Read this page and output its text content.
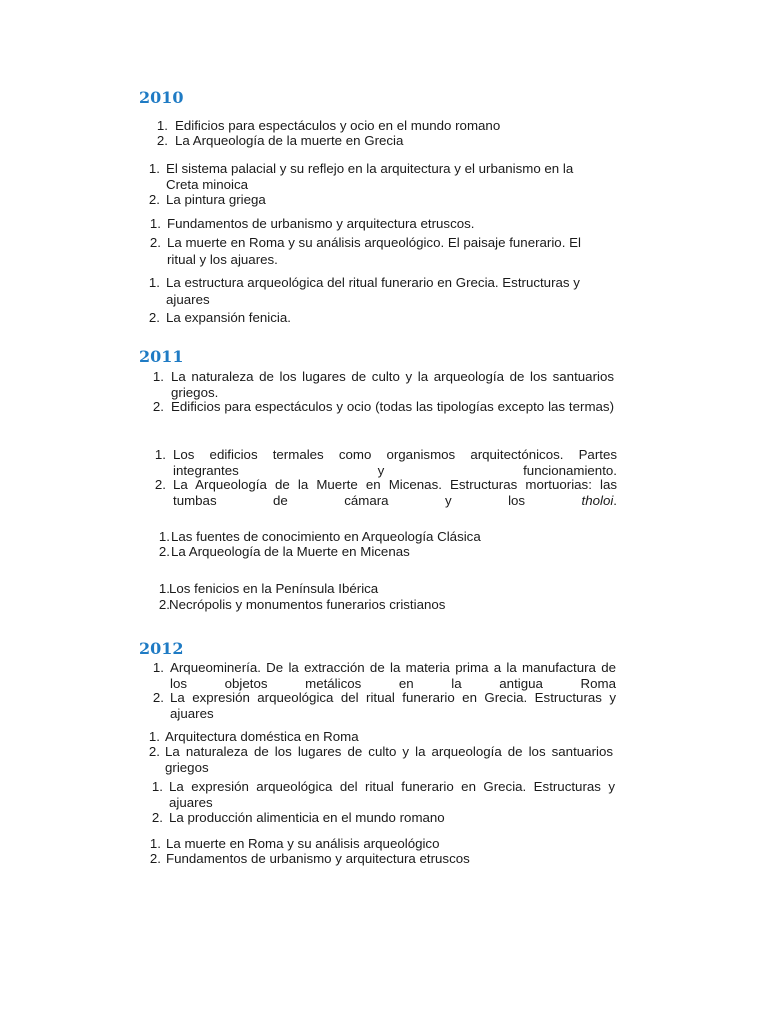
2010
1. Edificios para espectáculos y ocio en el mundo romano
2. La Arqueología de la muerte en Grecia
1. El sistema palacial y su reflejo en la arquitectura y el urbanismo en la Creta minoica
2. La pintura griega
1. Fundamentos de urbanismo y arquitectura etruscos.
2. La muerte en Roma y su análisis arqueológico. El paisaje funerario. El ritual y los ajuares.
1. La estructura arqueológica del ritual funerario en Grecia. Estructuras y ajuares
2. La expansión fenicia.
2011
1. La naturaleza de los lugares de culto y la arqueología de los santuarios griegos.
2. Edificios para espectáculos y ocio (todas las tipologías excepto las termas)
1. Los edificios termales como organismos arquitectónicos. Partes integrantes y funcionamiento.
2. La Arqueología de la Muerte en Micenas. Estructuras mortuorias: las tumbas de cámara y los tholoi.
1. Las fuentes de conocimiento en Arqueología Clásica
2. La Arqueología de la Muerte en Micenas
1. Los fenicios en la Península Ibérica
2. Necrópolis y monumentos funerarios cristianos
2012
1. Arqueominería. De la extracción de la materia prima a la manufactura de los objetos metálicos en la antigua Roma
2. La expresión arqueológica del ritual funerario en Grecia. Estructuras y ajuares
1. Arquitectura doméstica en Roma
2. La naturaleza de los lugares de culto y la arqueología de los santuarios griegos
1. La expresión arqueológica del ritual funerario en Grecia. Estructuras y ajuares
2. La producción alimenticia en el mundo romano
1. La muerte en Roma y su análisis arqueológico
2. Fundamentos de urbanismo y arquitectura etruscos
